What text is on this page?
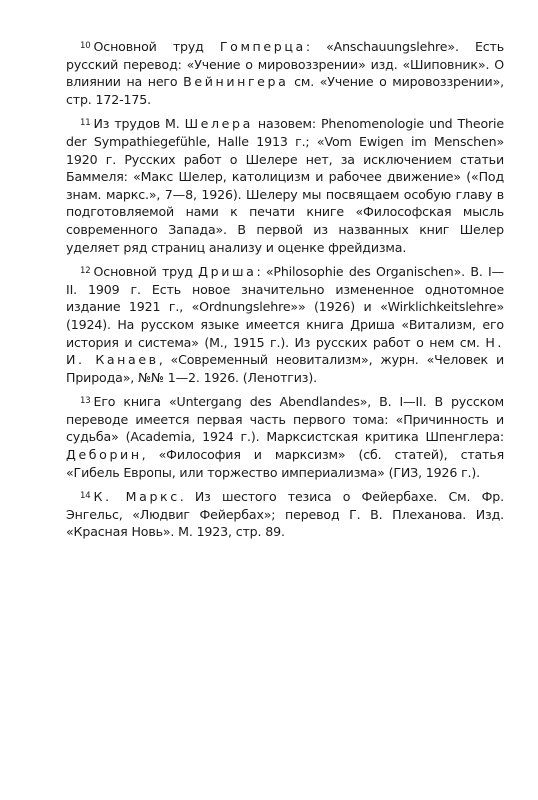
$^{10}$ Основной труд Гомперца: «Anschauungslehre». Есть русский перевод: «Учение о мировоззрении» изд. «Шиповник». О влиянии на него Вейнингера см. «Учение о мировоззрении», стр. 172-175.

$^{11}$ Из трудов М. Шелера назовем: Phenomenologie und Theorie der Sympathiegefühle, Halle 1913 г.; «Vom Ewigen im Menschen» 1920 г. Русских работ о Шелере нет, за исключением статьи Баммеля: «Макс Шелер, католицизм и рабочее движение» («Под знам. маркс.», 7—8, 1926). Шелеру мы посвящаем особую главу в подготовляемой нами к печати книге «Философская мысль современного Запада». В первой из названных книг Шелер уделяет ряд страниц анализу и оценке фрейдизма.

$^{12}$ Основной труд Дриша: «Philosophie des Organischen». B. I—II. 1909 г. Есть новое значительно измененное однотомное издание 1921 г., «Ordnungslehre»» (1926) и «Wirklichkeitslehre» (1924). На русском языке имеется книга Дриша «Витализм, его история и система» (М., 1915 г.). Из русских работ о нем см. Н. И. Канаев, «Современный неовитализм», журн. «Человек и Природа», №№ 1—2. 1926. (Ленотгиз).

$^{13}$ Его книга «Untergang des Abendlandes», B. I—II. В русском переводе имеется первая часть первого тома: «Причинность и судьба» (Academia, 1924 г.). Марксистская критика Шпенглера: Деборин, «Философия и марксизм» (сб. статей), статья «Гибель Европы, или торжество империализма» (ГИЗ, 1926 г.).

$^{14}$ К. Маркс. Из шестого тезиса о Фейербахе. См. Фр. Энгельс, «Людвиг Фейербах»; перевод Г. В. Плеханова. Изд. «Красная Новь». М. 1923, стр. 89.
